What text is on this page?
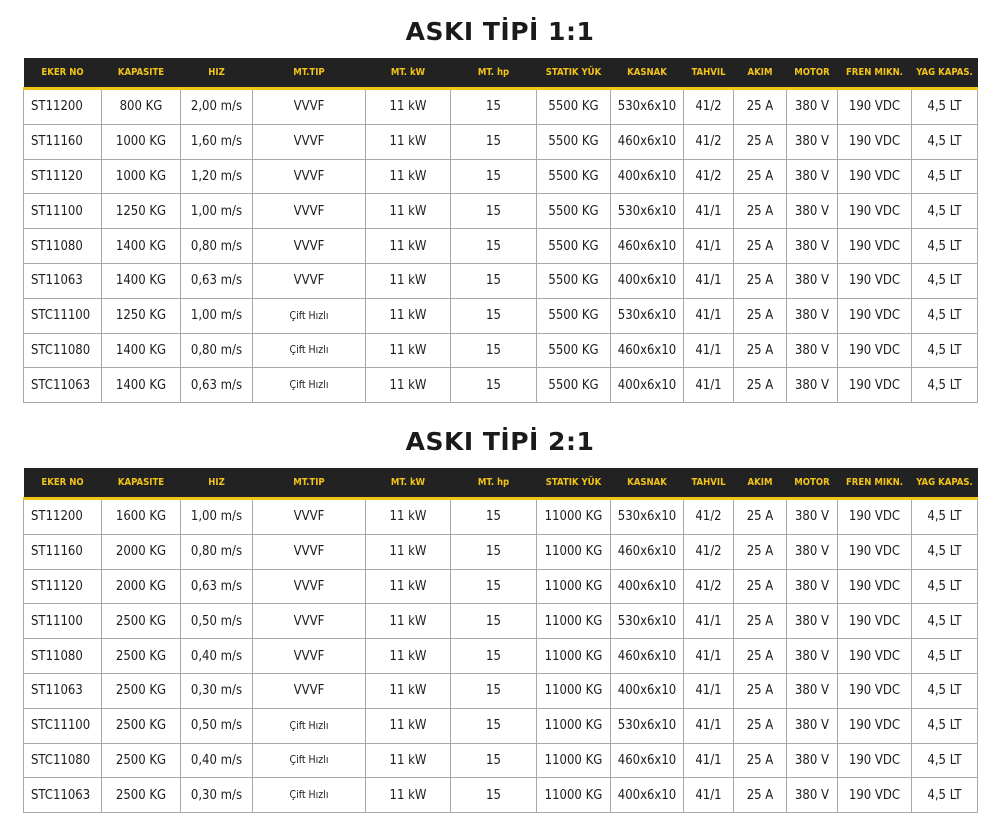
ASKI TİPİ 1:1
EKER NO	KAPASITE	HIZ	MT.TIP	MT. kW	MT. hp	STATIK YÜK	KASNAK	TAHVIL	AKIM	MOTOR	FREN MIKN.	YAG KAPAS.
ST11200	800 KG	2,00 m/s	VVVF	11 kW	15	5500 KG	530x6x10	41/2	25 A	380 V	190 VDC	4,5 LT
ST11160	1000 KG	1,60 m/s	VVVF	11 kW	15	5500 KG	460x6x10	41/2	25 A	380 V	190 VDC	4,5 LT
ST11120	1000 KG	1,20 m/s	VVVF	11 kW	15	5500 KG	400x6x10	41/2	25 A	380 V	190 VDC	4,5 LT
ST11100	1250 KG	1,00 m/s	VVVF	11 kW	15	5500 KG	530x6x10	41/1	25 A	380 V	190 VDC	4,5 LT
ST11080	1400 KG	0,80 m/s	VVVF	11 kW	15	5500 KG	460x6x10	41/1	25 A	380 V	190 VDC	4,5 LT
ST11063	1400 KG	0,63 m/s	VVVF	11 kW	15	5500 KG	400x6x10	41/1	25 A	380 V	190 VDC	4,5 LT
STC11100	1250 KG	1,00 m/s	Çift Hızlı	11 kW	15	5500 KG	530x6x10	41/1	25 A	380 V	190 VDC	4,5 LT
STC11080	1400 KG	0,80 m/s	Çift Hızlı	11 kW	15	5500 KG	460x6x10	41/1	25 A	380 V	190 VDC	4,5 LT
STC11063	1400 KG	0,63 m/s	Çift Hızlı	11 kW	15	5500 KG	400x6x10	41/1	25 A	380 V	190 VDC	4,5 LT
ASKI TİPİ 2:1
EKER NO	KAPASITE	HIZ	MT.TIP	MT. kW	MT. hp	STATIK YÜK	KASNAK	TAHVIL	AKIM	MOTOR	FREN MIKN.	YAG KAPAS.
ST11200	1600 KG	1,00 m/s	VVVF	11 kW	15	11000 KG	530x6x10	41/2	25 A	380 V	190 VDC	4,5 LT
ST11160	2000 KG	0,80 m/s	VVVF	11 kW	15	11000 KG	460x6x10	41/2	25 A	380 V	190 VDC	4,5 LT
ST11120	2000 KG	0,63 m/s	VVVF	11 kW	15	11000 KG	400x6x10	41/2	25 A	380 V	190 VDC	4,5 LT
ST11100	2500 KG	0,50 m/s	VVVF	11 kW	15	11000 KG	530x6x10	41/1	25 A	380 V	190 VDC	4,5 LT
ST11080	2500 KG	0,40 m/s	VVVF	11 kW	15	11000 KG	460x6x10	41/1	25 A	380 V	190 VDC	4,5 LT
ST11063	2500 KG	0,30 m/s	VVVF	11 kW	15	11000 KG	400x6x10	41/1	25 A	380 V	190 VDC	4,5 LT
STC11100	2500 KG	0,50 m/s	Çift Hızlı	11 kW	15	11000 KG	530x6x10	41/1	25 A	380 V	190 VDC	4,5 LT
STC11080	2500 KG	0,40 m/s	Çift Hızlı	11 kW	15	11000 KG	460x6x10	41/1	25 A	380 V	190 VDC	4,5 LT
STC11063	2500 KG	0,30 m/s	Çift Hızlı	11 kW	15	11000 KG	400x6x10	41/1	25 A	380 V	190 VDC	4,5 LT
